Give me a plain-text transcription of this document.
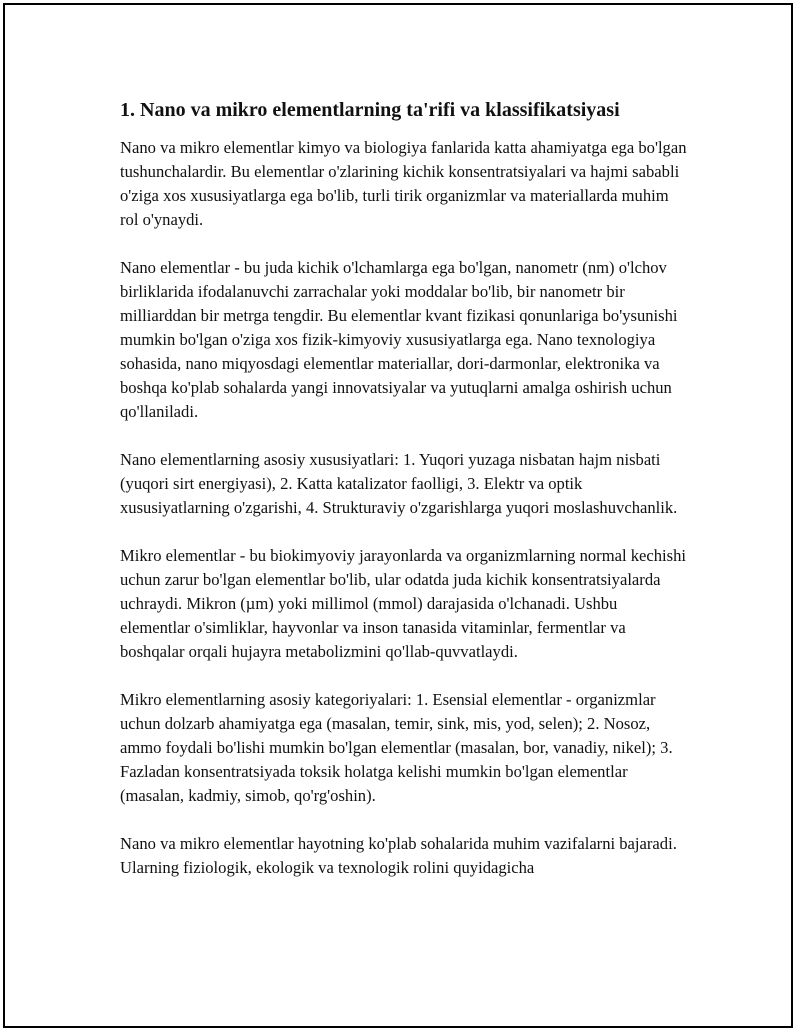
1. Nano va mikro elementlarning ta'rifi va klassifikatsiyasi

Nano va mikro elementlar kimyo va biologiya fanlarida katta ahamiyatga ega bo'lgan tushunchalardir. Bu elementlar o'zlarining kichik konsentratsiyalari va hajmi sababli o'ziga xos xususiyatlarga ega bo'lib, turli tirik organizmlar va materiallarda muhim rol o'ynaydi.

Nano elementlar - bu juda kichik o'lchamlarga ega bo'lgan, nanometr (nm) o'lchov birliklarida ifodalanuvchi zarrachalar yoki moddalar bo'lib, bir nanometr bir milliarddan bir metrga tengdir. Bu elementlar kvant fizikasi qonunlariga bo'ysunishi mumkin bo'lgan o'ziga xos fizik-kimyoviy xususiyatlarga ega. Nano texnologiya sohasida, nano miqyosdagi elementlar materiallar, dori-darmonlar, elektronika va boshqa ko'plab sohalarda yangi innovatsiyalar va yutuqlarni amalga oshirish uchun qo'llaniladi.

Nano elementlarning asosiy xususiyatlari: 1. Yuqori yuzaga nisbatan hajm nisbati (yuqori sirt energiyasi), 2. Katta katalizator faolligi, 3. Elektr va optik xususiyatlarning o'zgarishi, 4. Strukturaviy o'zgarishlarga yuqori moslashuvchanlik.

Mikro elementlar - bu biokimyoviy jarayonlarda va organizmlarning normal kechishi uchun zarur bo'lgan elementlar bo'lib, ular odatda juda kichik konsentratsiyalarda uchraydi. Mikron (µm) yoki millimol (mmol) darajasida o'lchanadi. Ushbu elementlar o'simliklar, hayvonlar va inson tanasida vitaminlar, fermentlar va boshqalar orqali hujayra metabolizmini qo'llab-quvvatlaydi.

Mikro elementlarning asosiy kategoriyalari: 1. Esensial elementlar - organizmlar uchun dolzarb ahamiyatga ega (masalan, temir, sink, mis, yod, selen); 2. Nosoz, ammo foydali bo'lishi mumkin bo'lgan elementlar (masalan, bor, vanadiy, nikel); 3. Fazladan konsentratsiyada toksik holatga kelishi mumkin bo'lgan elementlar (masalan, kadmiy, simob, qo'rg'oshin).

Nano va mikro elementlar hayotning ko'plab sohalarida muhim vazifalarni bajaradi. Ularning fiziologik, ekologik va texnologik rolini quyidagicha
